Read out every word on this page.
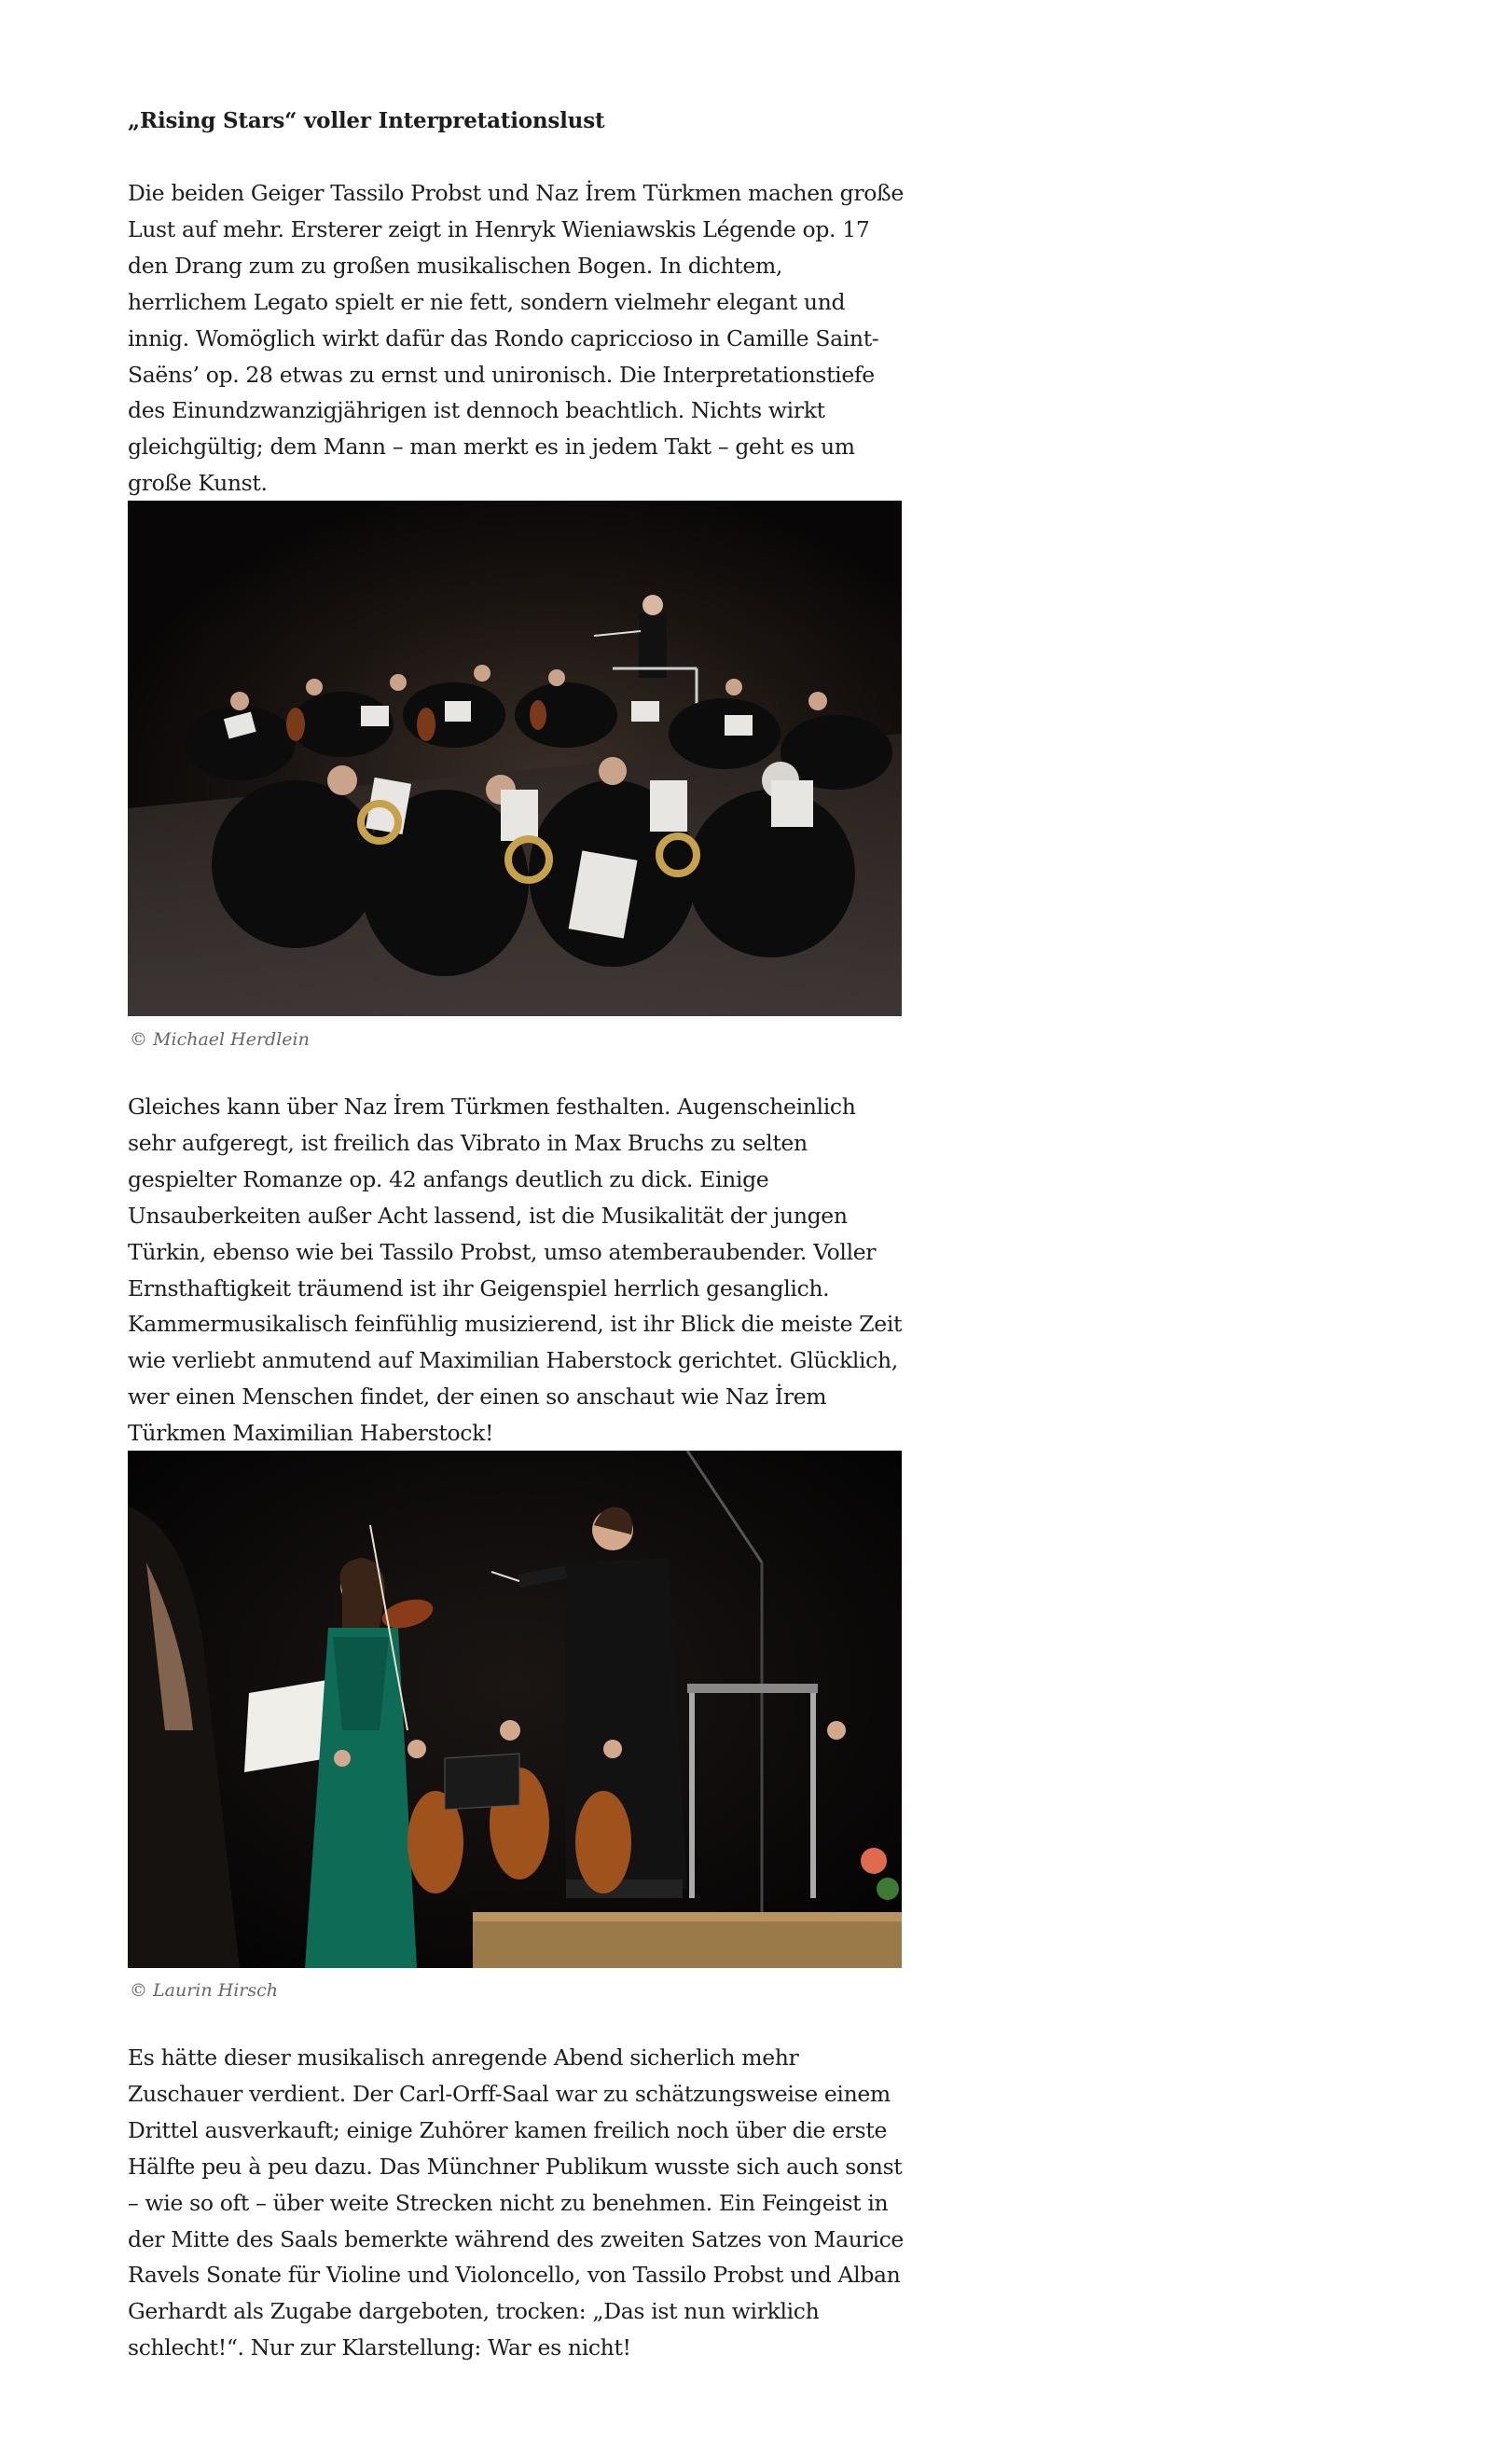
„Rising Stars“ voller Interpretationslust

Die beiden Geiger Tassilo Probst und Naz İrem Türkmen machen große Lust auf mehr. Ersterer zeigt in Henryk Wieniawskis Légende op. 17 den Drang zum zu großen musikalischen Bogen. In dichtem, herrlichem Legato spielt er nie fett, sondern vielmehr elegant und innig. Womöglich wirkt dafür das Rondo capriccioso in Camille Saint-Saëns’ op. 28 etwas zu ernst und unironisch. Die Interpretationstiefe des Einundzwanzigjährigen ist dennoch beachtlich. Nichts wirkt gleichgültig; dem Mann – man merkt es in jedem Takt – geht es um große Kunst.

© Michael Herdlein

Gleiches kann über Naz İrem Türkmen festhalten. Augenscheinlich sehr aufgeregt, ist freilich das Vibrato in Max Bruchs zu selten gespielter Romanze op. 42 anfangs deutlich zu dick. Einige Unsauberkeiten außer Acht lassend, ist die Musikalität der jungen Türkin, ebenso wie bei Tassilo Probst, umso atemberaubender. Voller Ernsthaftigkeit träumend ist ihr Geigenspiel herrlich gesanglich. Kammermusikalisch feinfühlig musizierend, ist ihr Blick die meiste Zeit wie verliebt anmutend auf Maximilian Haberstock gerichtet. Glücklich, wer einen Menschen findet, der einen so anschaut wie Naz İrem Türkmen Maximilian Haberstock!

© Laurin Hirsch

Es hätte dieser musikalisch anregende Abend sicherlich mehr Zuschauer verdient. Der Carl-Orff-Saal war zu schätzungsweise einem Drittel ausverkauft; einige Zuhörer kamen freilich noch über die erste Hälfte peu à peu dazu. Das Münchner Publikum wusste sich auch sonst – wie so oft – über weite Strecken nicht zu benehmen. Ein Feingeist in der Mitte des Saals bemerkte während des zweiten Satzes von Maurice Ravels Sonate für Violine und Violoncello, von Tassilo Probst und Alban Gerhardt als Zugabe dargeboten, trocken: „Das ist nun wirklich schlecht!“. Nur zur Klarstellung: War es nicht!
